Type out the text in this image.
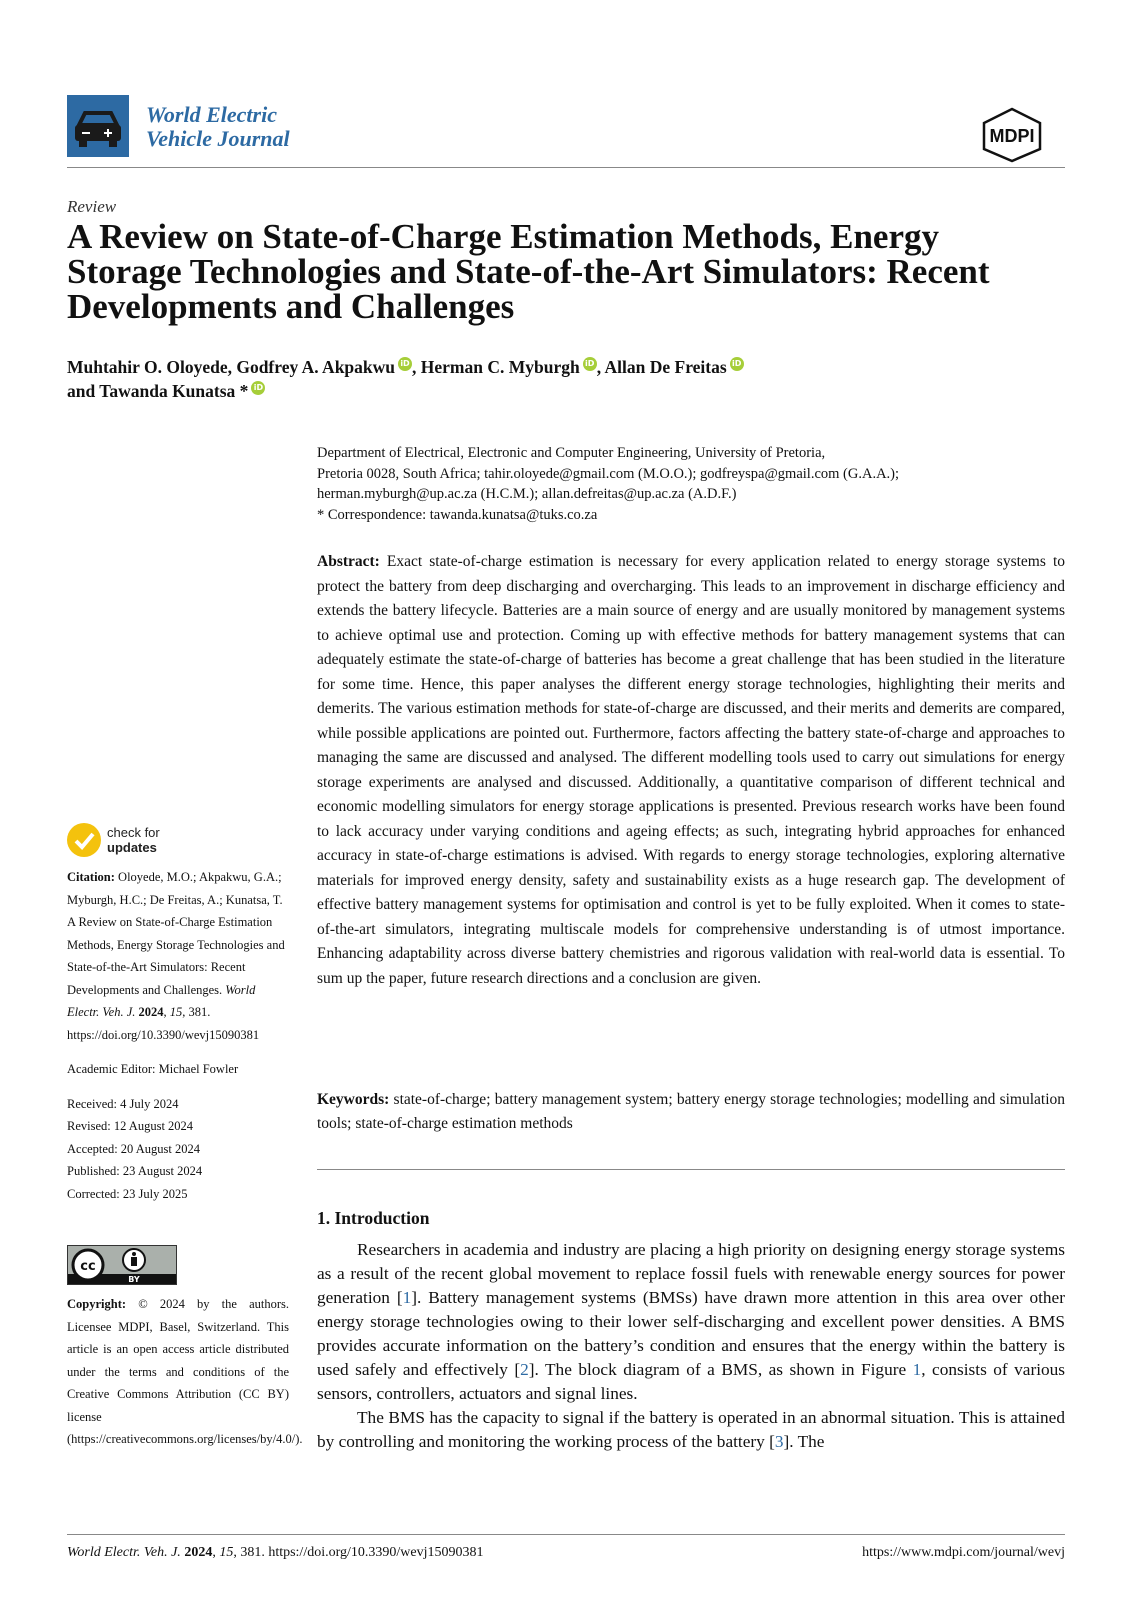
World Electric
Vehicle Journal	MDPI
Review
A Review on State-of-Charge Estimation Methods, Energy Storage Technologies and State-of-the-Art Simulators: Recent Developments and Challenges
Muhtahir O. Oloyede, Godfrey A. Akpakwu iD , Herman C. Myburgh iD , Allan De Freitas iD
and Tawanda Kunatsa * iD
Department of Electrical, Electronic and Computer Engineering, University of Pretoria,
Pretoria 0028, South Africa; tahir.oloyede@gmail.com (M.O.O.); godfreyspa@gmail.com (G.A.A.);
herman.myburgh@up.ac.za (H.C.M.); allan.defreitas@up.ac.za (A.D.F.)
* Correspondence: tawanda.kunatsa@tuks.co.za

Abstract: Exact state-of-charge estimation is necessary for every application related to energy storage systems to protect the battery from deep discharging and overcharging. This leads to an improvement in discharge efficiency and extends the battery lifecycle. Batteries are a main source of energy and are usually monitored by management systems to achieve optimal use and protection. Coming up with effective methods for battery management systems that can adequately estimate the state-of-charge of batteries has become a great challenge that has been studied in the literature for some time. Hence, this paper analyses the different energy storage technologies, highlighting their merits and demerits. The various estimation methods for state-of-charge are discussed, and their merits and demerits are compared, while possible applications are pointed out. Furthermore, factors affecting the battery state-of-charge and approaches to managing the same are discussed and analysed. The different modelling tools used to carry out simulations for energy storage experiments are analysed and discussed. Additionally, a quantitative comparison of different technical and economic modelling simulators for energy storage applications is presented. Previous research works have been found to lack accuracy under varying conditions and ageing effects; as such, integrating hybrid approaches for enhanced accuracy in state-of-charge estimations is advised. With regards to energy storage technologies, exploring alternative materials for improved energy density, safety and sustainability exists as a huge research gap. The development of effective battery management systems for optimisation and control is yet to be fully exploited. When it comes to state-of-the-art simulators, integrating multiscale models for comprehensive understanding is of utmost importance. Enhancing adaptability across diverse battery chemistries and rigorous validation with real-world data is essential. To sum up the paper, future research directions and a conclusion are given.

Keywords: state-of-charge; battery management system; battery energy storage technologies; modelling and simulation tools; state-of-charge estimation methods

1. Introduction

Researchers in academia and industry are placing a high priority on designing energy storage systems as a result of the recent global movement to replace fossil fuels with renewable energy sources for power generation [1]. Battery management systems (BMSs) have drawn more attention in this area over other energy storage technologies owing to their lower self-discharging and excellent power densities. A BMS provides accurate information on the battery’s condition and ensures that the energy within the battery is used safely and effectively [2]. The block diagram of a BMS, as shown in Figure 1, consists of various sensors, controllers, actuators and signal lines.

The BMS has the capacity to signal if the battery is operated in an abnormal situation. This is attained by controlling and monitoring the working process of the battery [3]. The

check for
updates

Citation: Oloyede, M.O.; Akpakwu, G.A.; Myburgh, H.C.; De Freitas, A.; Kunatsa, T. A Review on State-of-Charge Estimation Methods, Energy Storage Technologies and State-of-the-Art Simulators: Recent Developments and Challenges. World Electr. Veh. J. 2024, 15, 381. https://doi.org/10.3390/wevj15090381

Academic Editor: Michael Fowler

Received: 4 July 2024

Revised: 12 August 2024

Accepted: 20 August 2024

Published: 23 August 2024

Corrected: 23 July 2025

cc
BY

Copyright: © 2024 by the authors. Licensee MDPI, Basel, Switzerland. This article is an open access article distributed under the terms and conditions of the Creative Commons Attribution (CC BY) license (https://creativecommons.org/licenses/by/4.0/).

World Electr. Veh. J. 2024, 15, 381. https://doi.org/10.3390/wevj15090381	https://www.mdpi.com/journal/wevj
